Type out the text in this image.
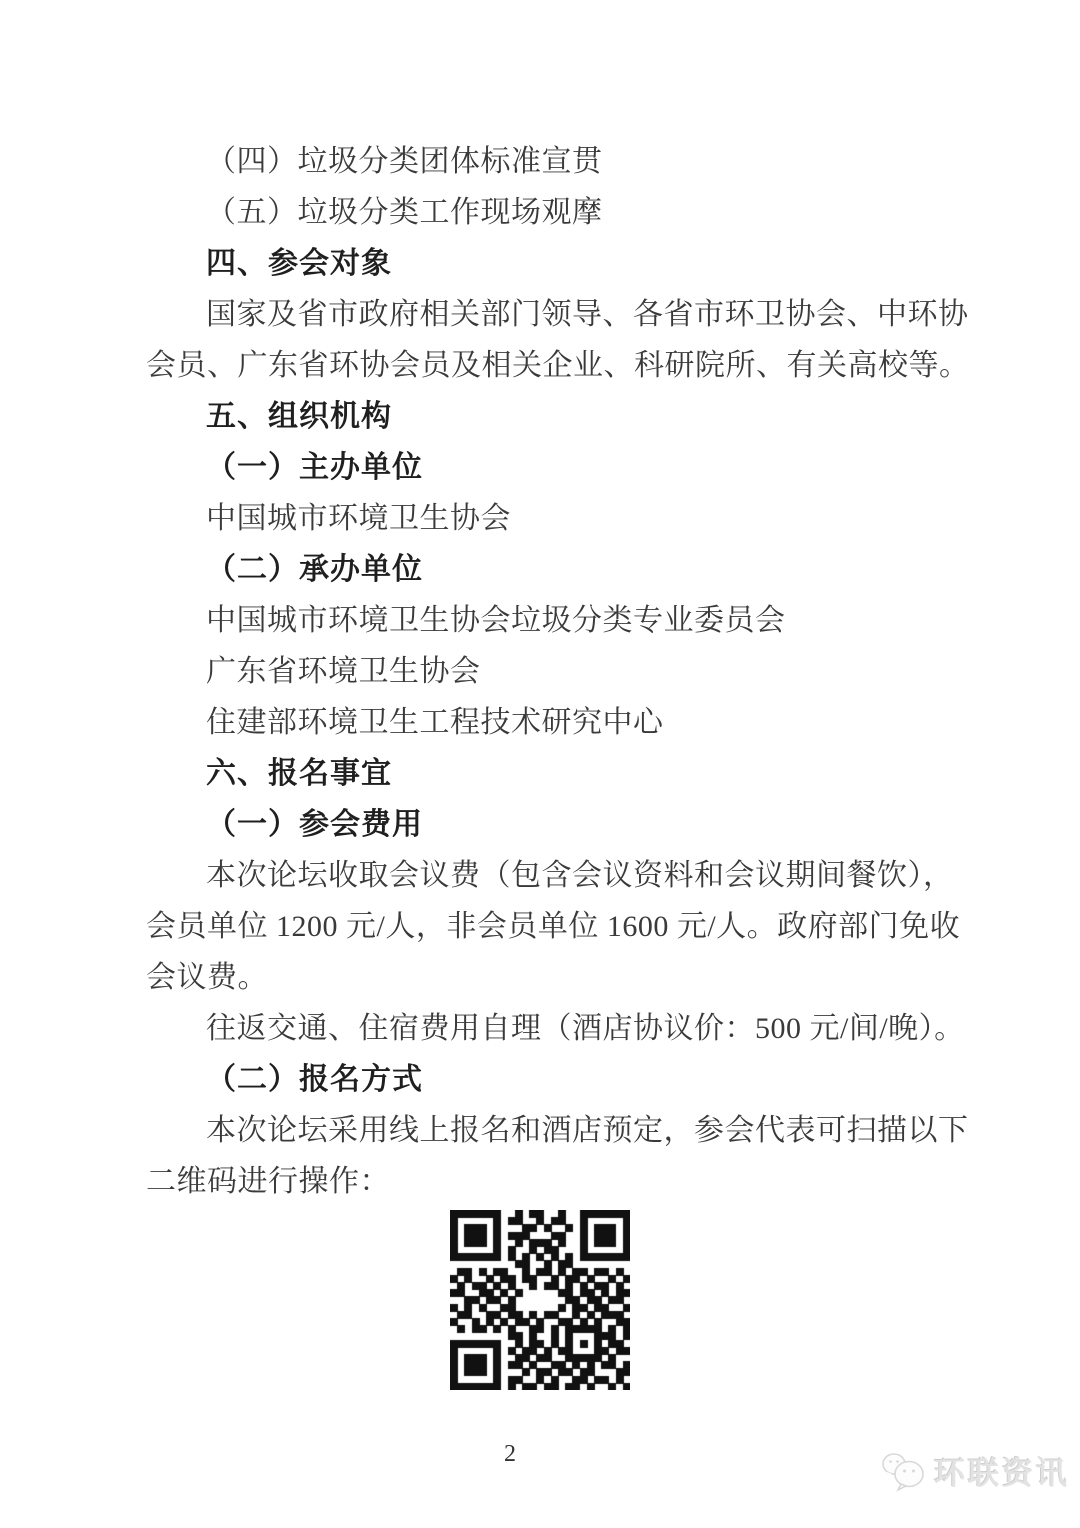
（四）垃圾分类团体标准宣贯
（五）垃圾分类工作现场观摩
四、参会对象
国家及省市政府相关部门领导、各省市环卫协会、中环协
会员、广东省环协会员及相关企业、科研院所、有关高校等。
五、组织机构
（一）主办单位
中国城市环境卫生协会
（二）承办单位
中国城市环境卫生协会垃圾分类专业委员会
广东省环境卫生协会
住建部环境卫生工程技术研究中心
六、报名事宜
（一）参会费用
本次论坛收取会议费（包含会议资料和会议期间餐饮），
会员单位 1200 元/人，非会员单位 1600 元/人。政府部门免收
会议费。
往返交通、住宿费用自理（酒店协议价：500 元/间/晚）。
（二）报名方式
本次论坛采用线上报名和酒店预定，参会代表可扫描以下
二维码进行操作：
2
环联资讯
